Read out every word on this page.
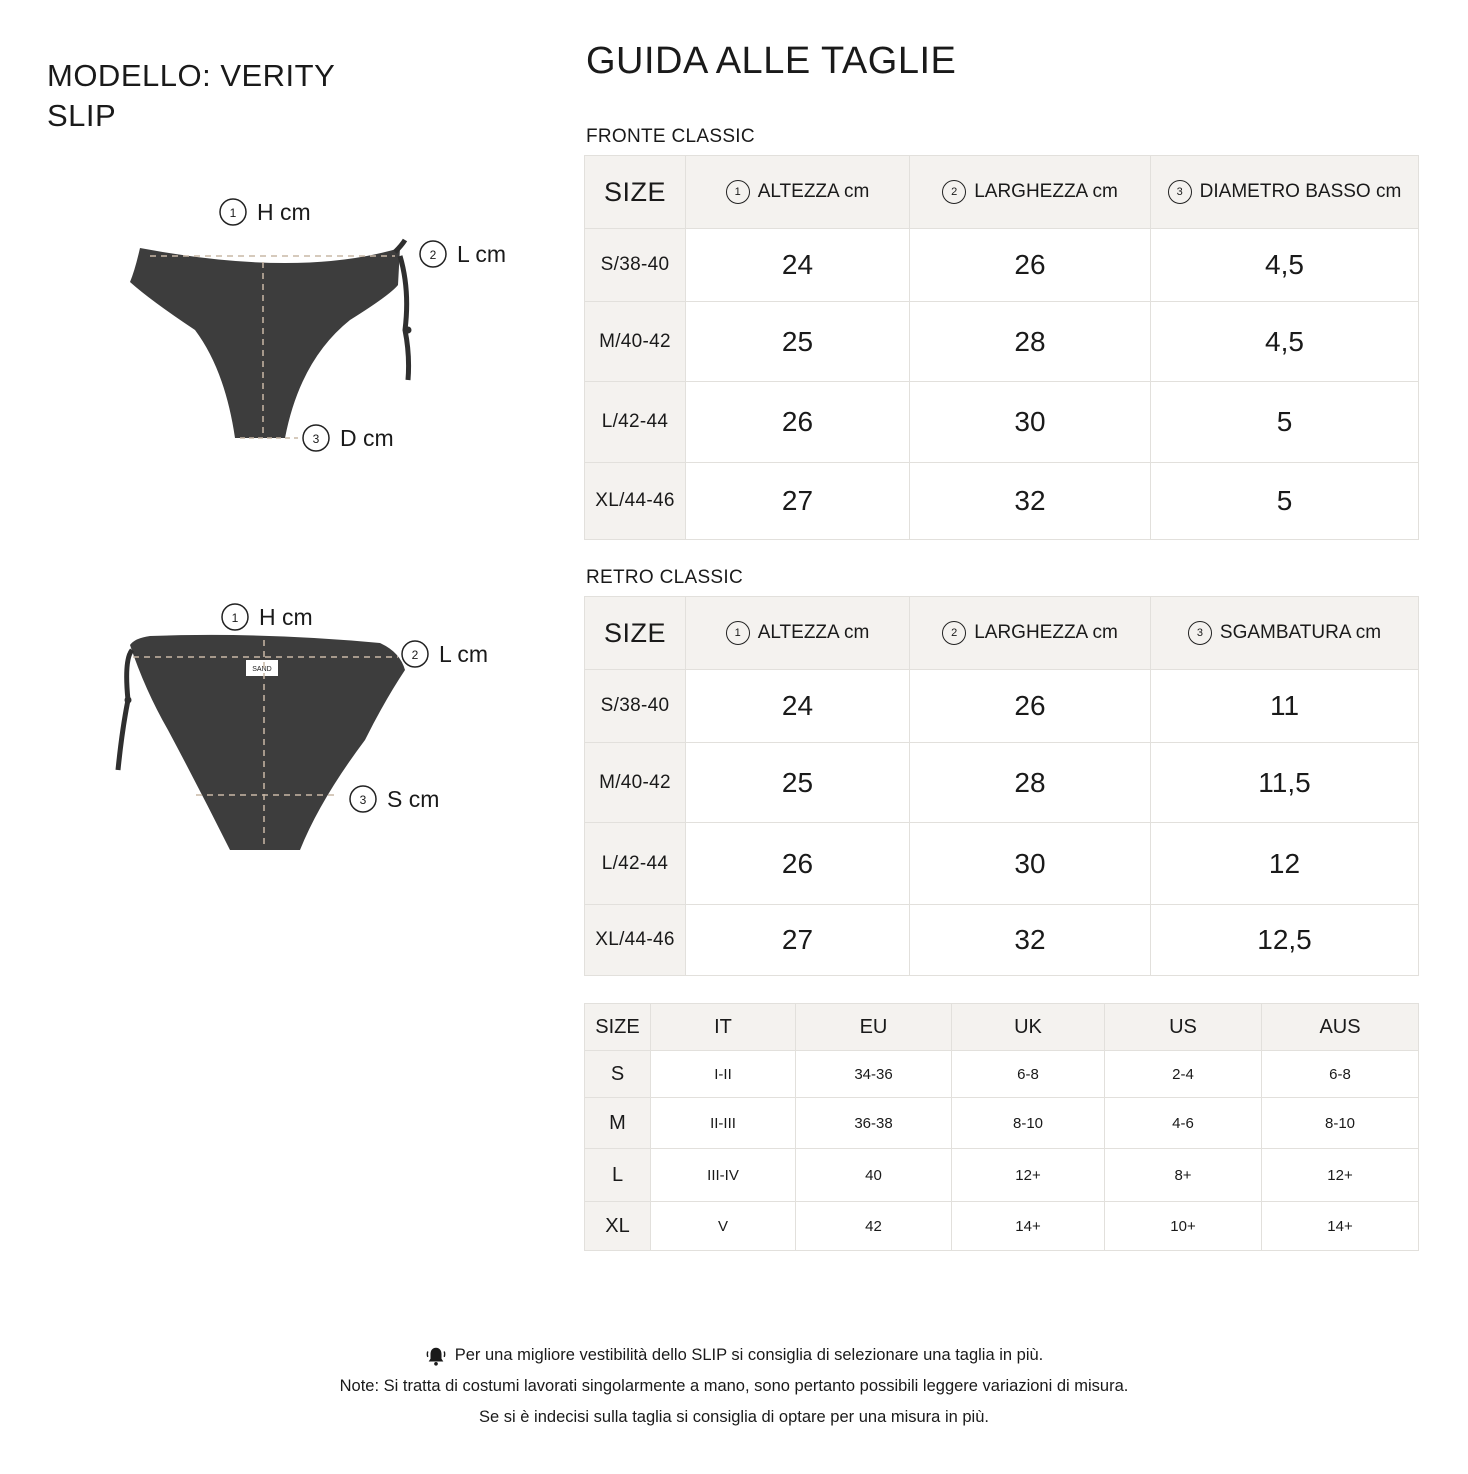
MODELLO: VERITY
SLIP
GUIDA ALLE TAGLIE
1 H cm
2 L cm
3 D cm
SAND
1 H cm
2 L cm
3 S cm
FRONTE CLASSIC
SIZE	1 ALTEZZA cm	2 LARGHEZZA cm	3 DIAMETRO BASSO cm
S/38-40	24	26	4,5
M/40-42	25	28	4,5
L/42-44	26	30	5
XL/44-46	27	32	5
RETRO CLASSIC
SIZE	1 ALTEZZA cm	2 LARGHEZZA cm	3 SGAMBATURA cm
S/38-40	24	26	11
M/40-42	25	28	11,5
L/42-44	26	30	12
XL/44-46	27	32	12,5
SIZE	IT	EU	UK	US	AUS
S	I-II	34-36	6-8	2-4	6-8
M	II-III	36-38	8-10	4-6	8-10
L	III-IV	40	12+	8+	12+
XL	V	42	14+	10+	14+
Per una migliore vestibilità dello SLIP si consiglia di selezionare una taglia in più.
Note: Si tratta di costumi lavorati singolarmente a mano, sono pertanto possibili leggere variazioni di misura.
Se si è indecisi sulla taglia si consiglia di optare per una misura in più.
